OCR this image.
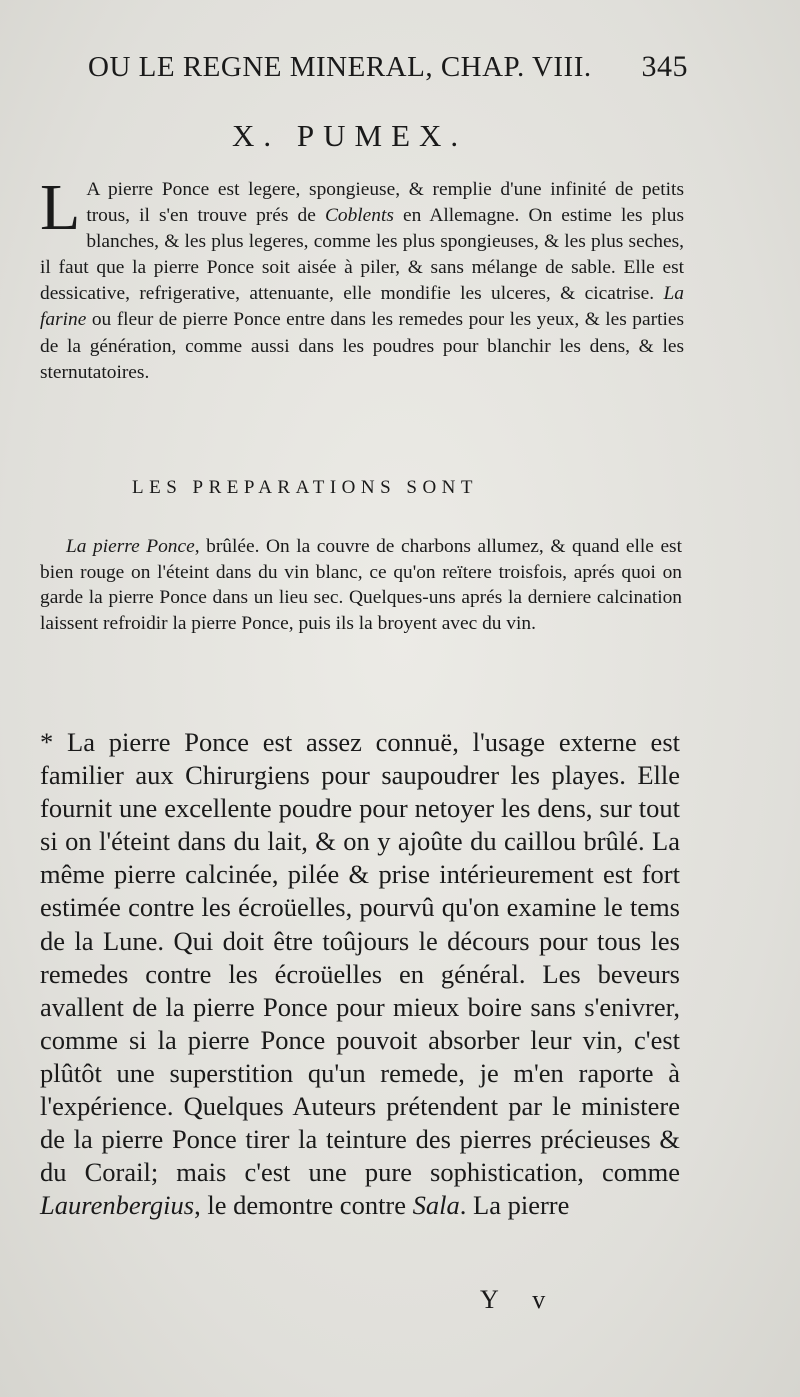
OU LE REGNE MINERAL, CHAP. VIII. 345
X. PUMEX.

L A pierre Ponce est legere, spongieuse, & remplie d'une infinité de petits trous, il s'en trouve prés de Coblents en Allemagne. On estime les plus blanches, & les plus legeres, comme les plus spongieuses, & les plus seches, il faut que la pierre Ponce soit aisée à piler, & sans mélange de sable. Elle est dessicative, refrigerative, attenuante, elle mondifie les ulceres, & cicatrise. La farine ou fleur de pierre Ponce entre dans les remedes pour les yeux, & les parties de la génération, comme aussi dans les poudres pour blanchir les dens, & les sternutatoires.

LES PREPARATIONS SONT

La pierre Ponce, brûlée. On la couvre de charbons allumez, & quand elle est bien rouge on l'éteint dans du vin blanc, ce qu'on reïtere troisfois, aprés quoi on garde la pierre Ponce dans un lieu sec. Quelques-uns aprés la derniere calcination laissent refroidir la pierre Ponce, puis ils la broyent avec du vin.

* La pierre Ponce est assez connuë, l'usage externe est familier aux Chirurgiens pour saupoudrer les playes. Elle fournit une excellente poudre pour netoyer les dens, sur tout si on l'éteint dans du lait, & on y ajoûte du caillou brûlé. La même pierre calcinée, pilée & prise intérieurement est fort estimée contre les écroüelles, pourvû qu'on examine le tems de la Lune. Qui doit être toûjours le décours pour tous les remedes contre les écroüelles en général. Les beveurs avallent de la pierre Ponce pour mieux boire sans s'enivrer, comme si la pierre Ponce pouvoit absorber leur vin, c'est plûtôt une superstition qu'un remede, je m'en raporte à l'expérience. Quelques Auteurs prétendent par le ministere de la pierre Ponce tirer la teinture des pierres précieuses & du Corail; mais c'est une pure sophistication, comme Laurenbergius, le demontre contre Sala. La pierre

Y v
